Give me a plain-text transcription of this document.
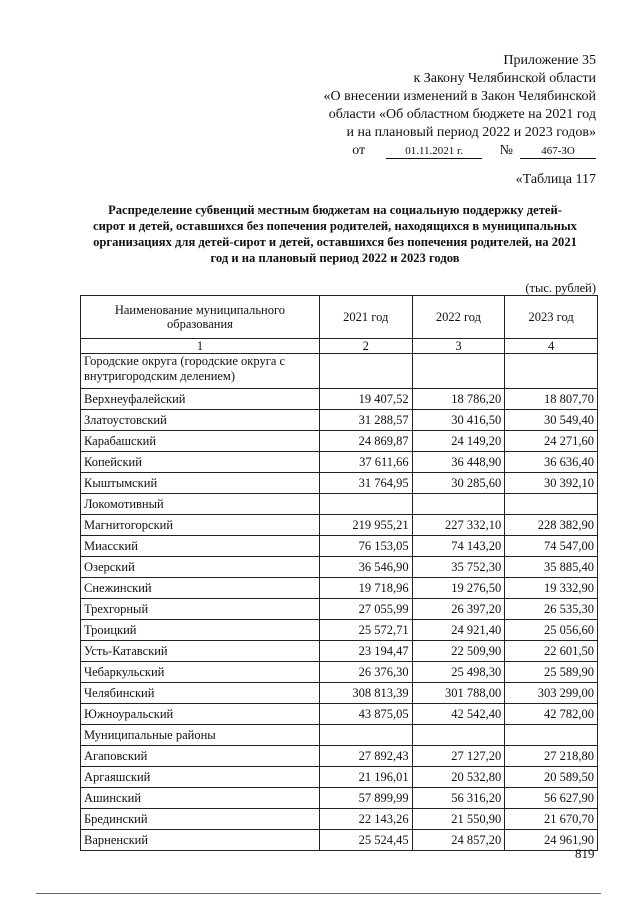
Приложение 35
к Закону Челябинской области
«О внесении изменений в Закон Челябинской
области «Об областном бюджете на 2021 год
и на плановый период 2022 и 2023 годов»
от	01.11.2021 г.	№	467-ЗО
«Таблица 117
Распределение субвенций местным бюджетам на социальную поддержку детей-сирот и детей, оставшихся без попечения родителей, находящихся в муниципальных организациях для детей-сирот и детей, оставшихся без попечения родителей, на 2021 год и на плановый период 2022 и 2023 годов
(тыс. рублей)
Наименование муниципального образования	2021 год	2022 год	2023 год
1	2	3	4
Городские округа (городские округа с внутригородским делением)			
Верхнеуфалейский	19 407,52	18 786,20	18 807,70
Златоустовский	31 288,57	30 416,50	30 549,40
Карабашский	24 869,87	24 149,20	24 271,60
Копейский	37 611,66	36 448,90	36 636,40
Кыштымский	31 764,95	30 285,60	30 392,10
Локомотивный			
Магнитогорский	219 955,21	227 332,10	228 382,90
Миасский	76 153,05	74 143,20	74 547,00
Озерский	36 546,90	35 752,30	35 885,40
Снежинский	19 718,96	19 276,50	19 332,90
Трехгорный	27 055,99	26 397,20	26 535,30
Троицкий	25 572,71	24 921,40	25 056,60
Усть-Катавский	23 194,47	22 509,90	22 601,50
Чебаркульский	26 376,30	25 498,30	25 589,90
Челябинский	308 813,39	301 788,00	303 299,00
Южноуральский	43 875,05	42 542,40	42 782,00
Муниципальные районы			
Агаповский	27 892,43	27 127,20	27 218,80
Аргаяшский	21 196,01	20 532,80	20 589,50
Ашинский	57 899,99	56 316,20	56 627,90
Брединский	22 143,26	21 550,90	21 670,70
Варненский	25 524,45	24 857,20	24 961,90
819
